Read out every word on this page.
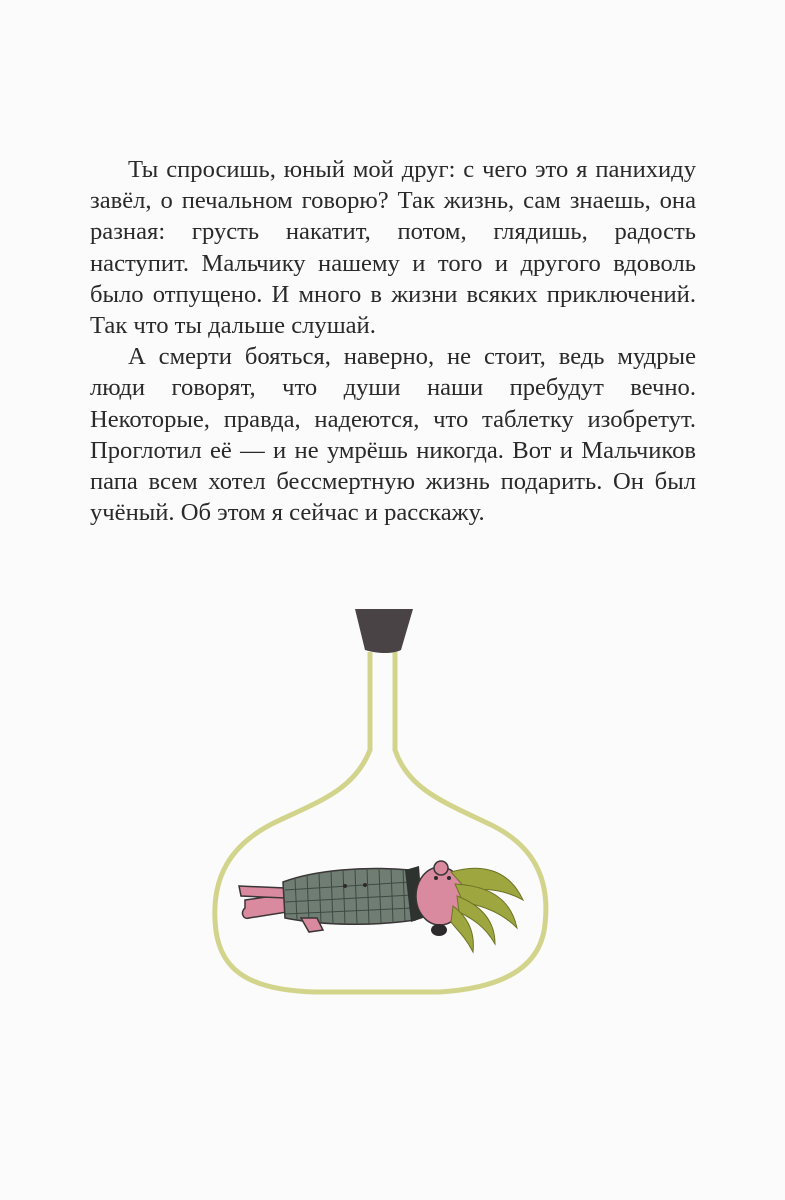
Ты спросишь, юный мой друг: с чего это я панихиду завёл, о печальном говорю? Так жизнь, сам знаешь, она разная: грусть накатит, потом, глядишь, радость наступит. Мальчику нашему и того и другого вдоволь было отпущено. И много в жизни всяких приключений. Так что ты дальше слушай.

А смерти бояться, наверно, не стоит, ведь мудрые люди говорят, что души наши пребудут вечно. Некоторые, правда, надеются, что таблетку изобретут. Проглотил её — и не умрёшь никогда. Вот и Мальчиков папа всем хотел бессмертную жизнь подарить. Он был учёный. Об этом я сейчас и расскажу.
